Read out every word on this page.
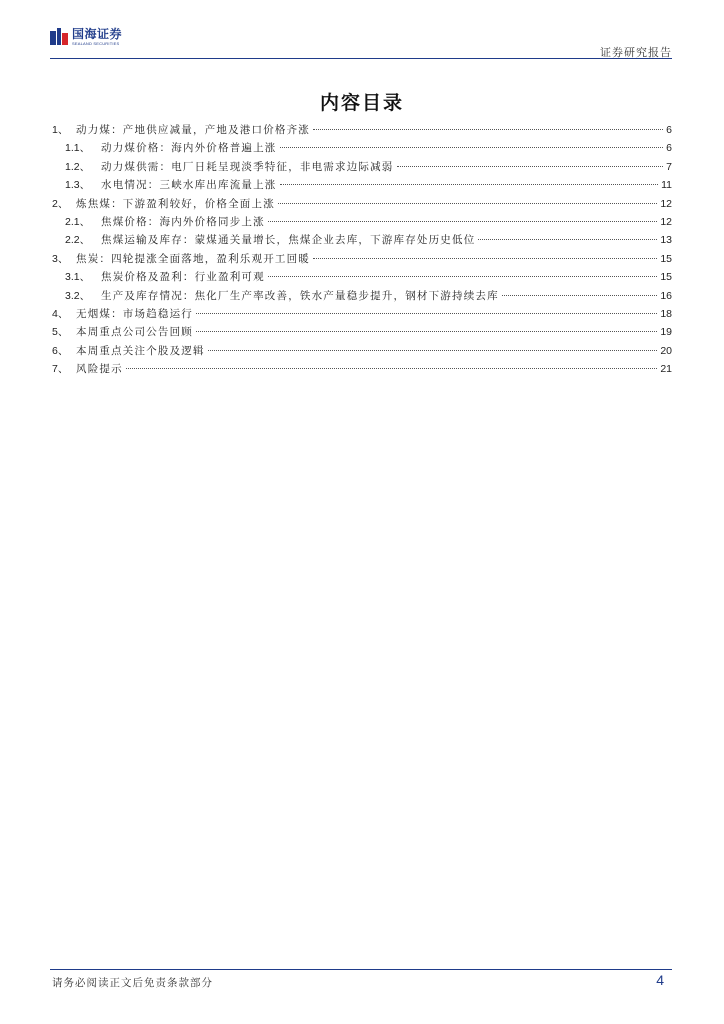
国海证券
SEALAND SECURITIES
证券研究报告
内容目录
1、 动力煤：产地供应减量，产地及港口价格齐涨	6
1.1、	动力煤价格：海内外价格普遍上涨	6
1.2、	动力煤供需：电厂日耗呈现淡季特征，非电需求边际减弱	7
1.3、	水电情况：三峡水库出库流量上涨	11
2、 炼焦煤：下游盈利较好，价格全面上涨	12
2.1、	焦煤价格：海内外价格同步上涨	12
2.2、	焦煤运输及库存：蒙煤通关量增长，焦煤企业去库，下游库存处历史低位	13
3、 焦炭：四轮提涨全面落地，盈利乐观开工回暖	15
3.1、	焦炭价格及盈利：行业盈利可观	15
3.2、	生产及库存情况：焦化厂生产率改善，铁水产量稳步提升，钢材下游持续去库	16
4、 无烟煤：市场趋稳运行	18
5、 本周重点公司公告回顾	19
6、 本周重点关注个股及逻辑	20
7、 风险提示	21
请务必阅读正文后免责条款部分	4
